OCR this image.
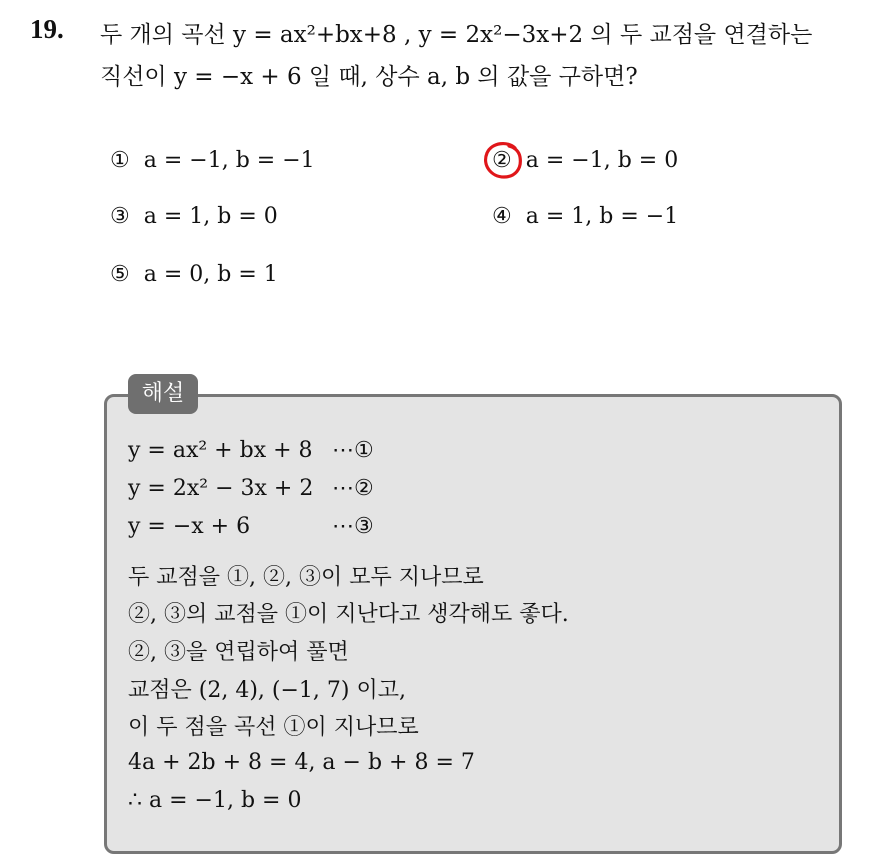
19. 두 개의 곡선 y = ax²+bx+8 , y = 2x²−3x+2 의 두 교점을 연결하는
직선이 y = −x + 6 일 때, 상수 a, b 의 값을 구하면?
① a = −1, b = −1	② a = −1, b = 0
③ a = 1, b = 0	④ a = 1, b = −1
⑤ a = 0, b = 1
해설
y = ax² + bx + 8 ⋯①
y = 2x² − 3x + 2 ⋯②
y = −x + 6	⋯③
두 교점을 ①, ②, ③이 모두 지나므로
②, ③의 교점을 ①이 지난다고 생각해도 좋다.
②, ③을 연립하여 풀면
교점은 (2, 4), (−1, 7) 이고,
이 두 점을 곡선 ①이 지나므로
4a + 2b + 8 = 4, a − b + 8 = 7
∴ a = −1, b = 0
